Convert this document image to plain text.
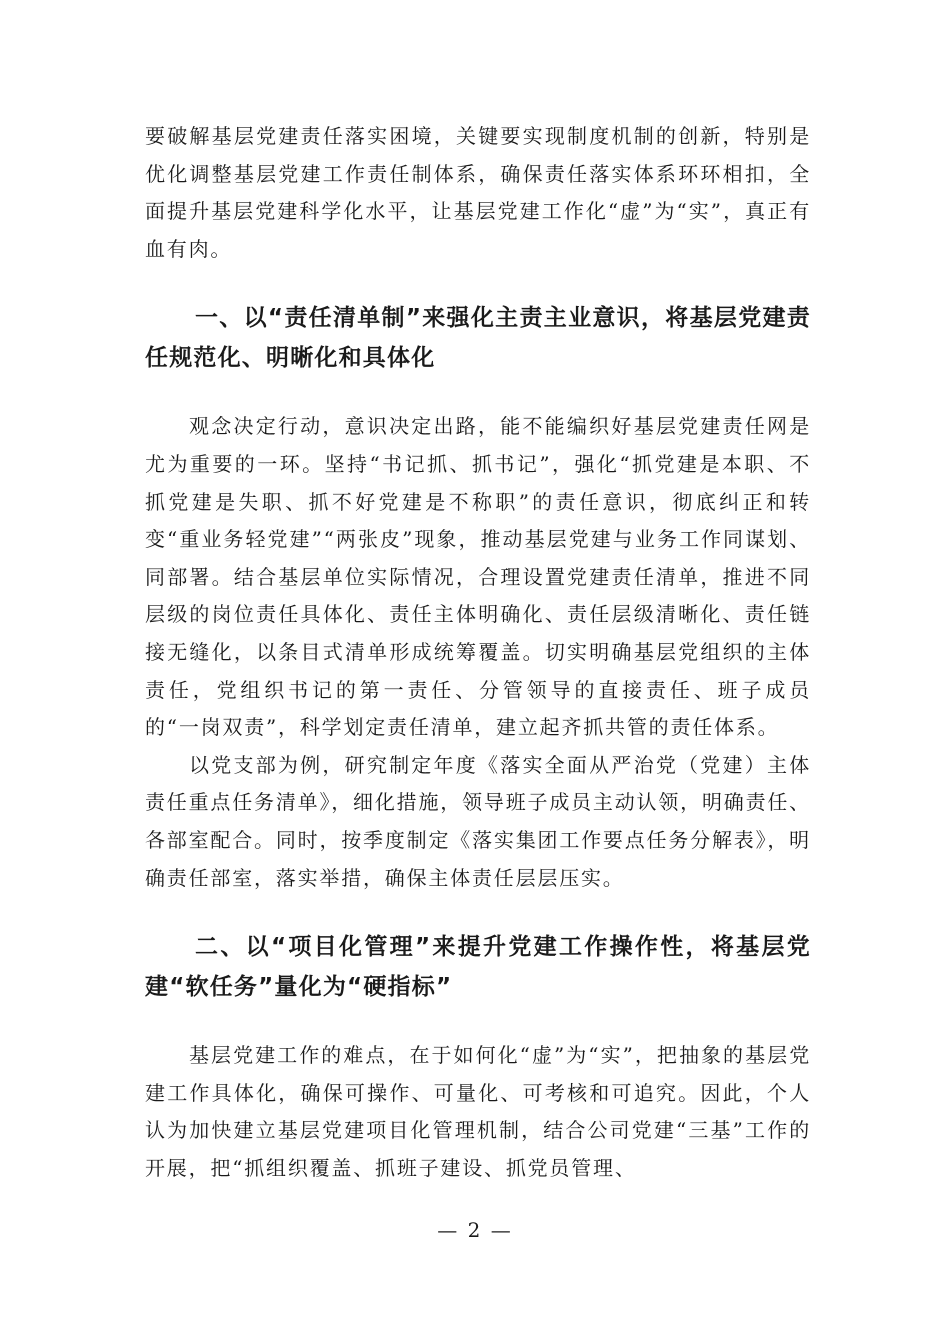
要破解基层党建责任落实困境，关键要实现制度机制的创新，特别是优化调整基层党建工作责任制体系，确保责任落实体系环环相扣，全面提升基层党建科学化水平，让基层党建工作化“虚”为“实”，真正有血有肉。

一、以“责任清单制”来强化主责主业意识，将基层党建责任规范化、明晰化和具体化

观念决定行动，意识决定出路，能不能编织好基层党建责任网是尤为重要的一环。坚持“书记抓、抓书记”，强化“抓党建是本职、不抓党建是失职、抓不好党建是不称职”的责任意识，彻底纠正和转变“重业务轻党建”“两张皮”现象，推动基层党建与业务工作同谋划、同部署。结合基层单位实际情况，合理设置党建责任清单，推进不同层级的岗位责任具体化、责任主体明确化、责任层级清晰化、责任链接无缝化，以条目式清单形成统筹覆盖。切实明确基层党组织的主体责任，党组织书记的第一责任、分管领导的直接责任、班子成员的“一岗双责”，科学划定责任清单，建立起齐抓共管的责任体系。

以党支部为例，研究制定年度《落实全面从严治党（党建）主体责任重点任务清单》，细化措施，领导班子成员主动认领，明确责任、各部室配合。同时，按季度制定《落实集团工作要点任务分解表》，明确责任部室，落实举措，确保主体责任层层压实。

二、以“项目化管理”来提升党建工作操作性，将基层党建“软任务”量化为“硬指标”

基层党建工作的难点，在于如何化“虚”为“实”，把抽象的基层党建工作具体化，确保可操作、可量化、可考核和可追究。因此，个人认为加快建立基层党建项目化管理机制，结合公司党建“三基”工作的开展，把“抓组织覆盖、抓班子建设、抓党员管理、

— 2 —
